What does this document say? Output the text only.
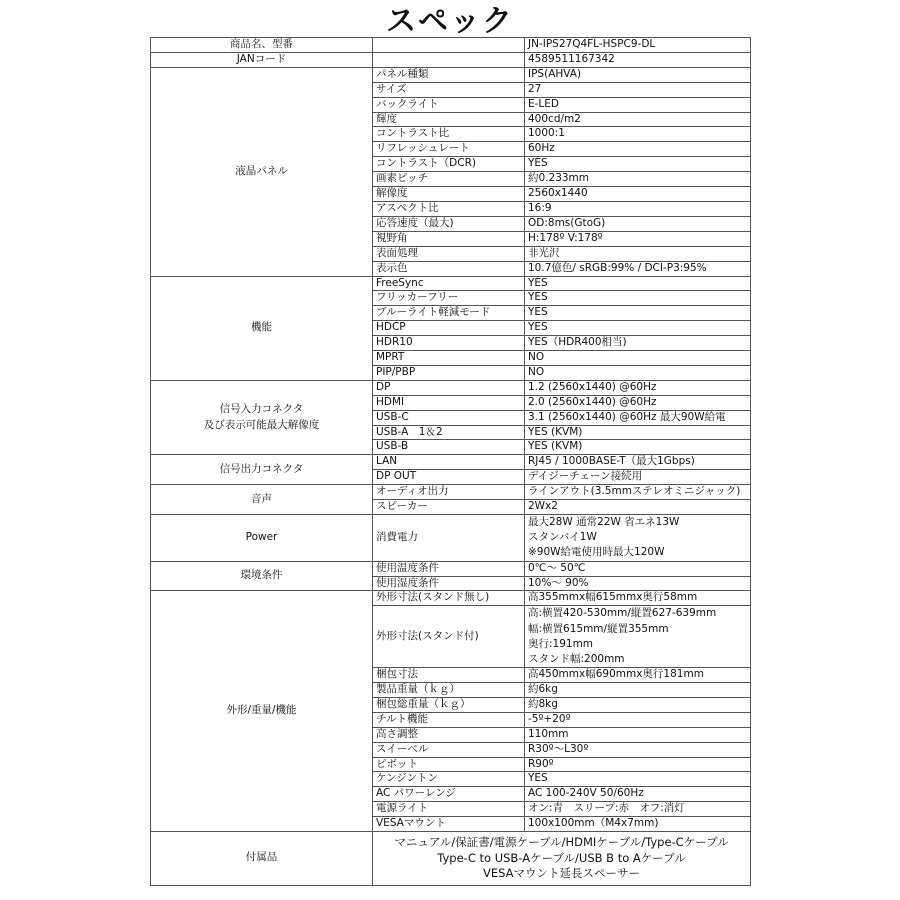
スペック
商品名、型番		JN-IPS27Q4FL-HSPC9-DL
JANコード		4589511167342
液晶パネル	パネル種類	IPS(AHVA)
	サイズ	27
	バックライト	E-LED
	輝度	400cd/m2
	コントラスト比	1000:1
	リフレッシュレート	60Hz
	コントラスト（DCR)	YES
	画素ピッチ	約0.233mm
	解像度	2560x1440
	アスペクト比	16:9
	応答速度（最大)	OD:8ms(GtoG)
	視野角	H:178º V:178º
	表面処理	非光沢
	表示色	10.7億色/ sRGB:99% / DCI-P3:95%
機能	FreeSync	YES
	フリッカーフリー	YES
	ブルーライト軽減モード	YES
	HDCP	YES
	HDR10	YES（HDR400相当)
	MPRT	NO
	PIP/PBP	NO

信号入力コネクタ
及び表示可能最大解像度	DP	1.2 (2560x1440) @60Hz
	HDMI	2.0 (2560x1440) @60Hz
	USB-C	3.1 (2560x1440) @60Hz 最大90W給電
	USB-A　1＆2	YES (KVM)
	USB-B	YES (KVM)
信号出力コネクタ	LAN	RJ45 / 1000BASE-T（最大1Gbps)
	DP OUT	デイジーチェーン接続用
音声	オーディオ出力	ラインアウト(3.5mmステレオミニジャック)
	スピーカー	2Wx2
Power	消費電力	最大28W 通常22W 省エネ13W
スタンバイ1W
※90W給電使用時最大120W

環境条件	使用温度条件	0℃～ 50℃
	使用湿度条件	10%～ 90%
外形/重量/機能	外形寸法(スタンド無し)	高355mmx幅615mmx奥行58mm
	外形寸法(スタンド付)	高:横置420-530mm/縦置627-639mm
幅:横置615mm/縦置355mm
奥行:191mm
スタンド幅:200mm

	梱包寸法	高450mmx幅690mmx奥行181mm
	製品重量（ｋｇ）	約6kg
	梱包総重量（ｋｇ）	約8kg
	チルト機能	-5º+20º
	高さ調整	110mm
	スイーベル	R30º～L30º
	ピボット	R90º
	ケンジントン	YES
	AC パワーレンジ	AC 100-240V 50/60Hz
	電源ライト	オン:青　スリープ:赤　オフ:消灯
	VESAマウント	100x100mm（M4x7mm)
付属品	マニュアル/保証書/電源ケーブル/HDMIケーブル/Type-Cケーブル
Type-C to USB-Aケーブル/USB B to Aケーブル
VESAマウント延長スペーサー	
